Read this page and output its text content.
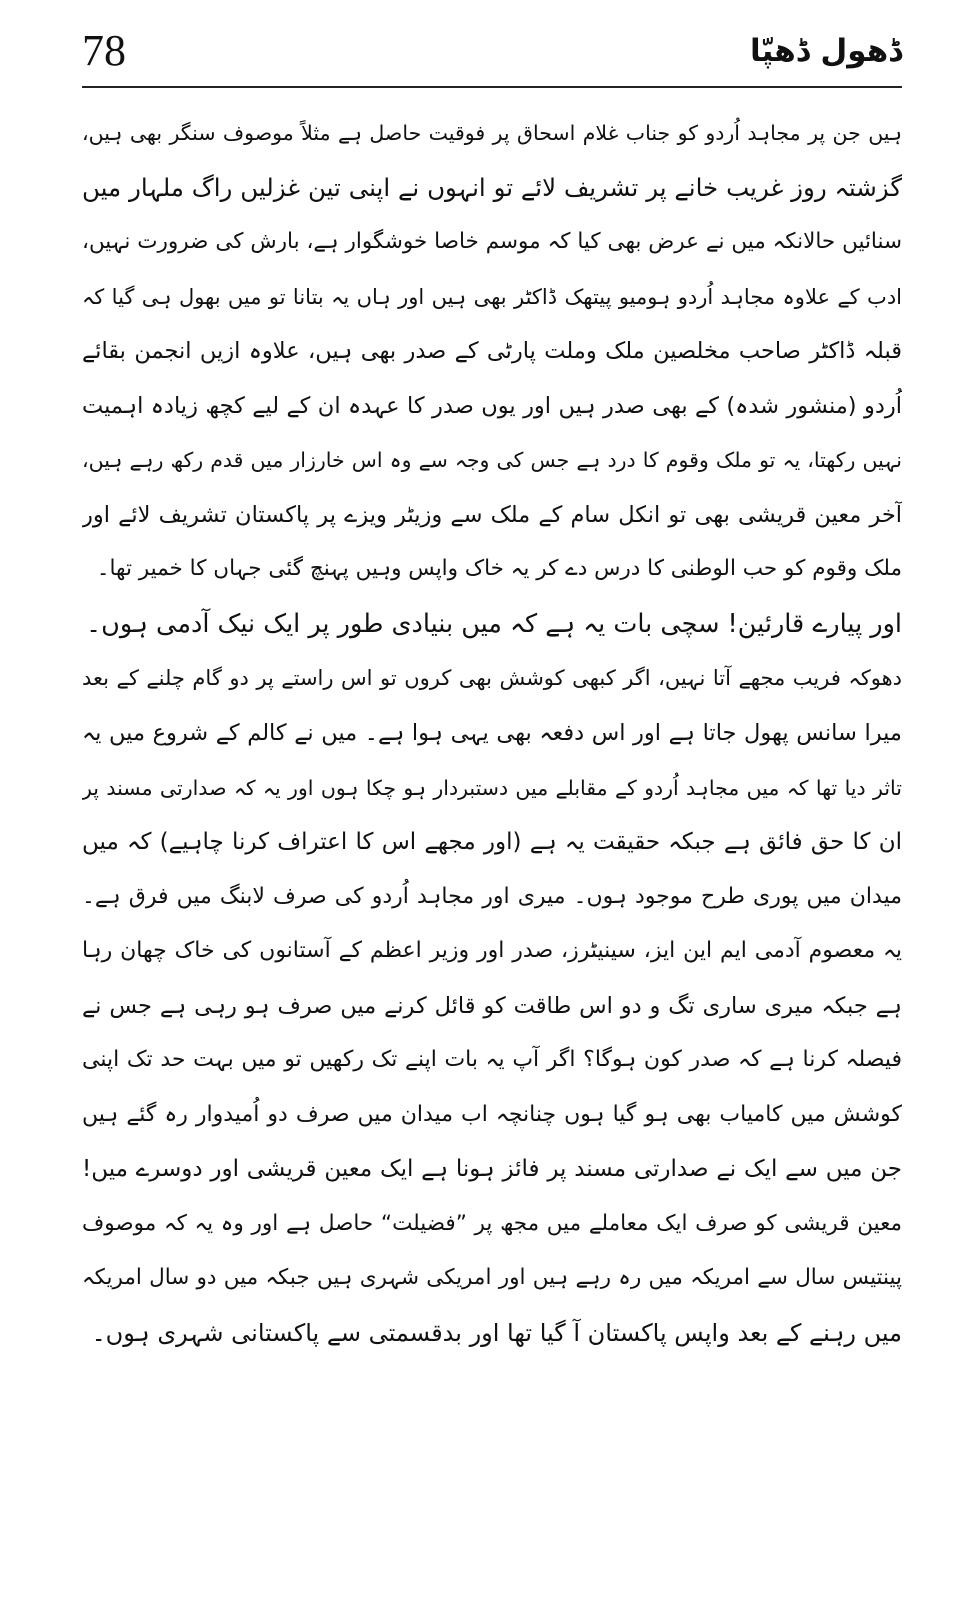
78	ڈھول ڈھپّا
ہیں جن پر مجاہد اُردو کو جناب غلام اسحاق پر فوقیت حاصل ہے مثلاً موصوف سنگر بھی ہیں،
گزشتہ روز غریب خانے پر تشریف لائے تو انہوں نے اپنی تین غزلیں راگ ملہار میں
سنائیں حالانکہ میں نے عرض بھی کیا کہ موسم خاصا خوشگوار ہے، بارش کی ضرورت نہیں،
ادب کے علاوہ مجاہد اُردو ہومیو پیتھک ڈاکٹر بھی ہیں اور ہاں یہ بتانا تو میں بھول ہی گیا کہ
قبلہ ڈاکٹر صاحب مخلصین ملک وملت پارٹی کے صدر بھی ہیں، علاوہ ازیں انجمن بقائے
اُردو (منشور شدہ) کے بھی صدر ہیں اور یوں صدر کا عہدہ ان کے لیے کچھ زیادہ اہمیت
نہیں رکھتا، یہ تو ملک وقوم کا درد ہے جس کی وجہ سے وہ اس خارزار میں قدم رکھ رہے ہیں،
آخر معین قریشی بھی تو انکل سام کے ملک سے وزیٹر ویزے پر پاکستان تشریف لائے اور
ملک وقوم کو حب الوطنی کا درس دے کر یہ خاک واپس وہیں پہنچ گئی جہاں کا خمیر تھا۔
اور پیارے قارئین! سچی بات یہ ہے کہ میں بنیادی طور پر ایک نیک آدمی ہوں۔
دھوکہ فریب مجھے آتا نہیں، اگر کبھی کوشش بھی کروں تو اس راستے پر دو گام چلنے کے بعد
میرا سانس پھول جاتا ہے اور اس دفعہ بھی یہی ہوا ہے۔ میں نے کالم کے شروع میں یہ
تاثر دیا تھا کہ میں مجاہد اُردو کے مقابلے میں دستبردار ہو چکا ہوں اور یہ کہ صدارتی مسند پر
ان کا حق فائق ہے جبکہ حقیقت یہ ہے (اور مجھے اس کا اعتراف کرنا چاہیے) کہ میں
میدان میں پوری طرح موجود ہوں۔ میری اور مجاہد اُردو کی صرف لابنگ میں فرق ہے۔
یہ معصوم آدمی ایم این ایز، سینیٹرز، صدر اور وزیر اعظم کے آستانوں کی خاک چھان رہا
ہے جبکہ میری ساری تگ و دو اس طاقت کو قائل کرنے میں صرف ہو رہی ہے جس نے
فیصلہ کرنا ہے کہ صدر کون ہوگا؟ اگر آپ یہ بات اپنے تک رکھیں تو میں بہت حد تک اپنی
کوشش میں کامیاب بھی ہو گیا ہوں چنانچہ اب میدان میں صرف دو اُمیدوار رہ گئے ہیں
جن میں سے ایک نے صدارتی مسند پر فائز ہونا ہے ایک معین قریشی اور دوسرے میں!
معین قریشی کو صرف ایک معاملے میں مجھ پر ”فضیلت“ حاصل ہے اور وہ یہ کہ موصوف
پینتیس سال سے امریکہ میں رہ رہے ہیں اور امریکی شہری ہیں جبکہ میں دو سال امریکہ
میں رہنے کے بعد واپس پاکستان آ گیا تھا اور بدقسمتی سے پاکستانی شہری ہوں۔
